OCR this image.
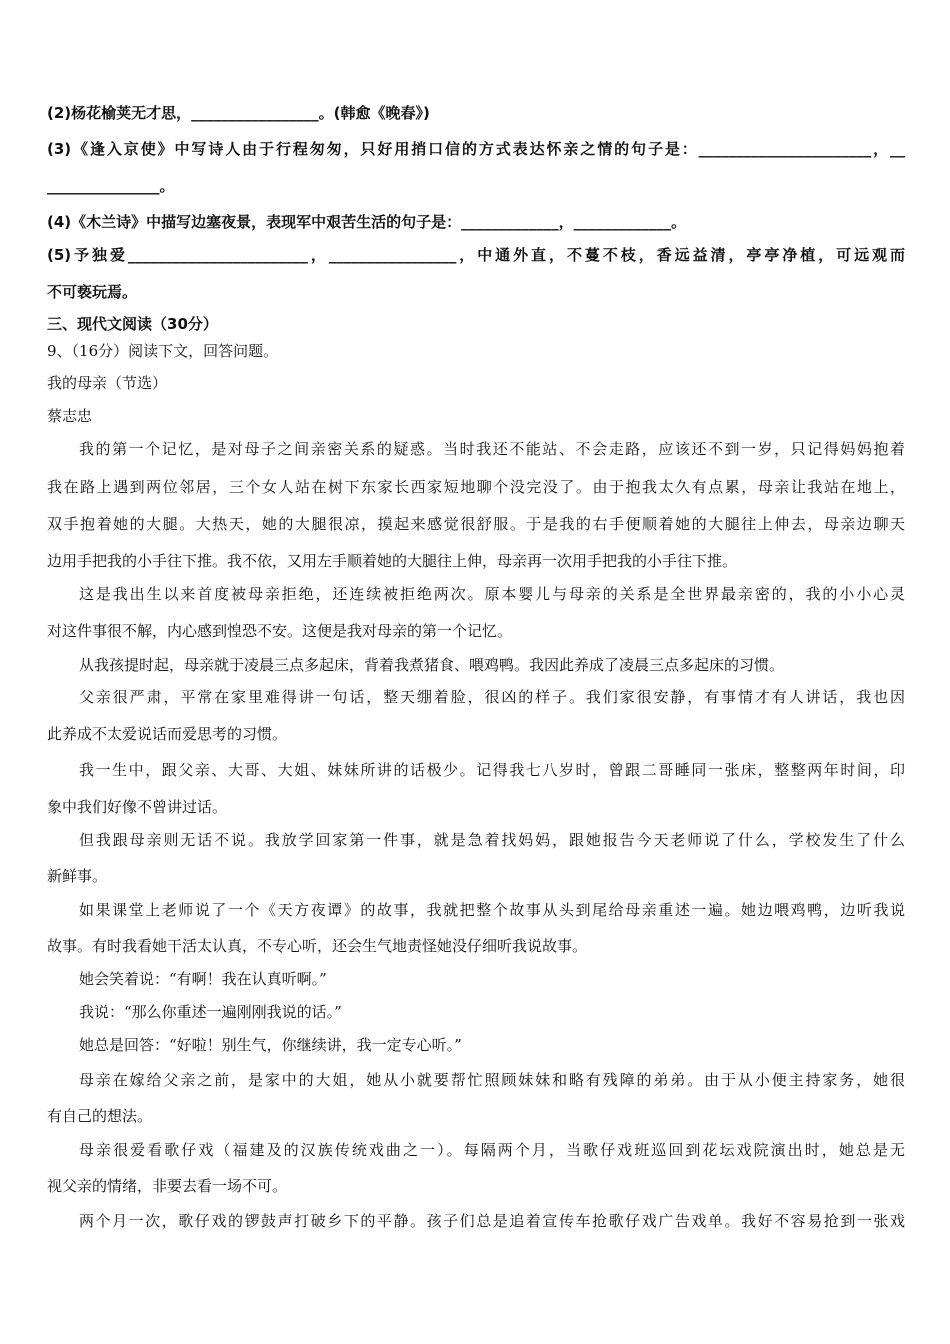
(2)杨花榆荚无才思，_________________。(韩愈《晚春》)
(3)《逢入京使》中写诗人由于行程匆匆，只好用捎口信的方式表达怀亲之情的句子是：_______________________，__
_______________。
(4)《木兰诗》中描写边塞夜景，表现军中艰苦生活的句子是：_____________，_____________。
(5)予独爱________________________，_________________，中通外直，不蔓不枝，香远益清，亭亭净植，可远观而
不可亵玩焉。
三、现代文阅读（30分）
9、（16分）阅读下文，回答问题。
我的母亲（节选）
蔡志忠
我的第一个记忆，是对母子之间亲密关系的疑惑。当时我还不能站、不会走路，应该还不到一岁，只记得妈妈抱着
我在路上遇到两位邻居，三个女人站在树下东家长西家短地聊个没完没了。由于抱我太久有点累，母亲让我站在地上，
双手抱着她的大腿。大热天，她的大腿很凉，摸起来感觉很舒服。于是我的右手便顺着她的大腿往上伸去，母亲边聊天
边用手把我的小手往下推。我不依，又用左手顺着她的大腿往上伸，母亲再一次用手把我的小手往下推。
这是我出生以来首度被母亲拒绝，还连续被拒绝两次。原本婴儿与母亲的关系是全世界最亲密的，我的小小心灵
对这件事很不解，内心感到惶恐不安。这便是我对母亲的第一个记忆。
从我孩提时起，母亲就于凌晨三点多起床，背着我煮猪食、喂鸡鸭。我因此养成了凌晨三点多起床的习惯。
父亲很严肃，平常在家里难得讲一句话，整天绷着脸，很凶的样子。我们家很安静，有事情才有人讲话，我也因
此养成不太爱说话而爱思考的习惯。
我一生中，跟父亲、大哥、大姐、妹妹所讲的话极少。记得我七八岁时，曾跟二哥睡同一张床，整整两年时间，印
象中我们好像不曾讲过话。
但我跟母亲则无话不说。我放学回家第一件事，就是急着找妈妈，跟她报告今天老师说了什么，学校发生了什么
新鲜事。
如果课堂上老师说了一个《天方夜谭》的故事，我就把整个故事从头到尾给母亲重述一遍。她边喂鸡鸭，边听我说
故事。有时我看她干活太认真，不专心听，还会生气地责怪她没仔细听我说故事。
她会笑着说：“有啊！我在认真听啊。”
我说：“那么你重述一遍刚刚我说的话。”
她总是回答：“好啦！别生气，你继续讲，我一定专心听。”
母亲在嫁给父亲之前，是家中的大姐，她从小就要帮忙照顾妹妹和略有残障的弟弟。由于从小便主持家务，她很
有自己的想法。
母亲很爱看歌仔戏（福建及的汉族传统戏曲之一）。每隔两个月，当歌仔戏班巡回到花坛戏院演出时，她总是无
视父亲的情绪，非要去看一场不可。
两个月一次，歌仔戏的锣鼓声打破乡下的平静。孩子们总是追着宣传车抢歌仔戏广告戏单。我好不容易抢到一张戏
